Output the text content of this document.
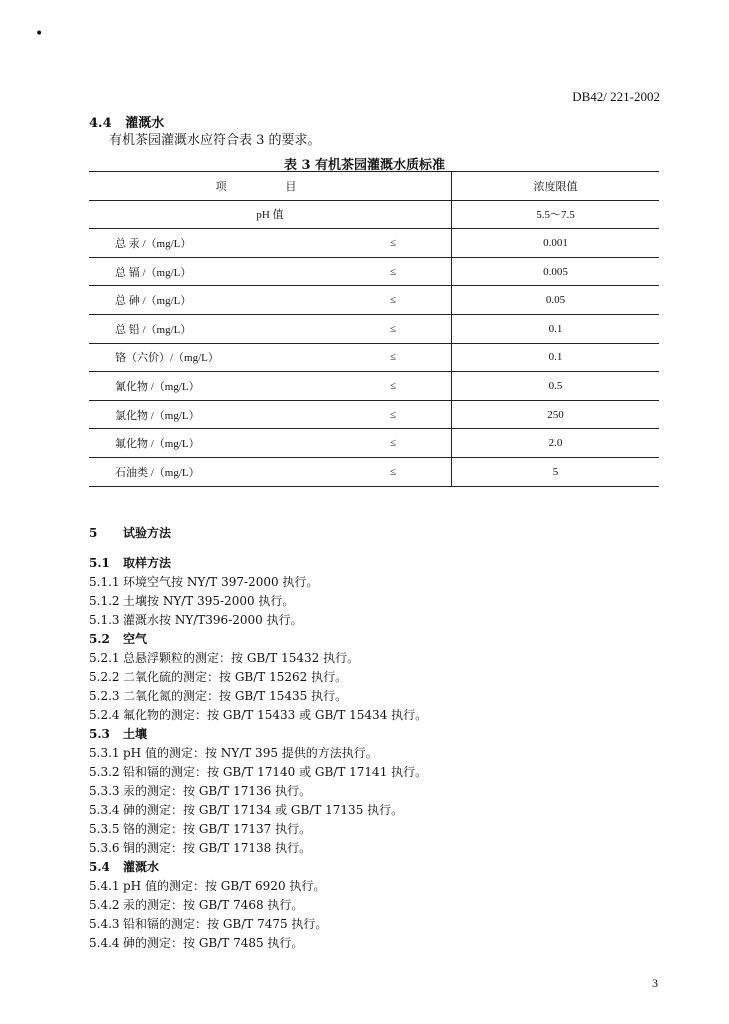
•
DB42/ 221-2002
4.4 灌溉水
有机茶园灌溉水应符合表 3 的要求。
表 3 有机茶园灌溉水质标准
项 目		浓度限值
pH 值		5.5～7.5
总 汞 /（mg/L）	≤	0.001
总 镉 /（mg/L）	≤	0.005
总 砷 /（mg/L）	≤	0.05
总 铅 /（mg/L）	≤	0.1
铬（六价）/（mg/L）	≤	0.1
氰化物 /（mg/L）	≤	0.5
氯化物 /（mg/L）	≤	250
氟化物 /（mg/L）	≤	2.0
石油类 /（mg/L）	≤	5
5 试验方法
5.1 取样方法
5.1.1 环境空气按 NY/T 397-2000 执行。
5.1.2 土壤按 NY/T 395-2000 执行。
5.1.3 灌溉水按 NY/T396-2000 执行。
5.2 空气
5.2.1 总悬浮颗粒的测定：按 GB/T 15432 执行。
5.2.2 二氧化硫的测定：按 GB/T 15262 执行。
5.2.3 二氧化氮的测定：按 GB/T 15435 执行。
5.2.4 氟化物的测定：按 GB/T 15433 或 GB/T 15434 执行。
5.3 土壤
5.3.1 pH 值的测定：按 NY/T 395 提供的方法执行。
5.3.2 铅和镉的测定：按 GB/T 17140 或 GB/T 17141 执行。
5.3.3 汞的测定：按 GB/T 17136 执行。
5.3.4 砷的测定：按 GB/T 17134 或 GB/T 17135 执行。
5.3.5 铬的测定：按 GB/T 17137 执行。
5.3.6 铜的测定：按 GB/T 17138 执行。
5.4 灌溉水
5.4.1 pH 值的测定：按 GB/T 6920 执行。
5.4.2 汞的测定：按 GB/T 7468 执行。
5.4.3 铅和镉的测定：按 GB/T 7475 执行。
5.4.4 砷的测定：按 GB/T 7485 执行。
3
